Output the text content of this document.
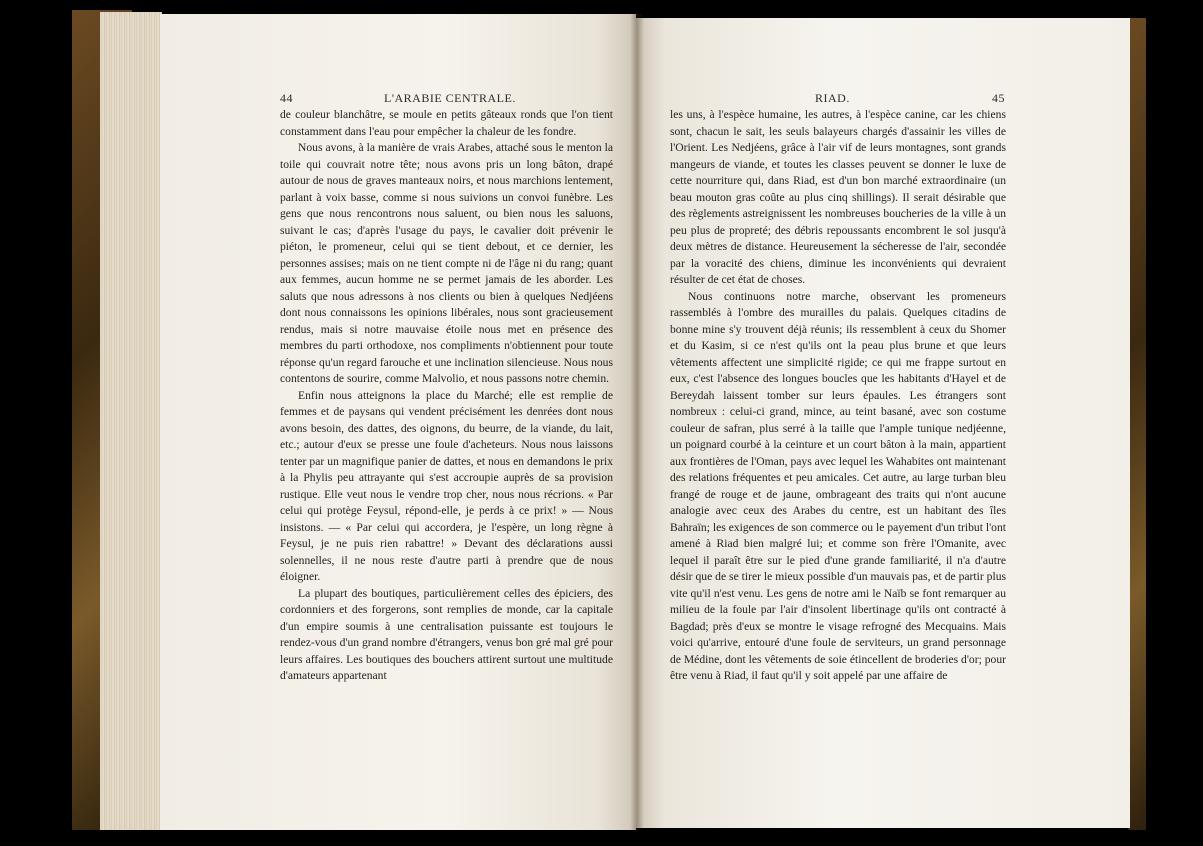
44	L'ARABIE CENTRALE.

de couleur blanchâtre, se moule en petits gâteaux ronds que l'on tient constamment dans l'eau pour empêcher la chaleur de les fondre.

Nous avons, à la manière de vrais Arabes, attaché sous le menton la toile qui couvrait notre tête; nous avons pris un long bâton, drapé autour de nous de graves manteaux noirs, et nous marchions lentement, parlant à voix basse, comme si nous suivions un convoi funèbre. Les gens que nous rencontrons nous saluent, ou bien nous les saluons, suivant le cas; d'après l'usage du pays, le cavalier doit prévenir le piéton, le promeneur, celui qui se tient debout, et ce dernier, les personnes assises; mais on ne tient compte ni de l'âge ni du rang; quant aux femmes, aucun homme ne se permet jamais de les aborder. Les saluts que nous adressons à nos clients ou bien à quelques Nedjéens dont nous connaissons les opinions libérales, nous sont gracieusement rendus, mais si notre mauvaise étoile nous met en présence des membres du parti orthodoxe, nos compliments n'obtiennent pour toute réponse qu'un regard farouche et une inclination silencieuse. Nous nous contentons de sourire, comme Malvolio, et nous passons notre chemin.

Enfin nous atteignons la place du Marché; elle est remplie de femmes et de paysans qui vendent précisément les denrées dont nous avons besoin, des dattes, des oignons, du beurre, de la viande, du lait, etc.; autour d'eux se presse une foule d'acheteurs. Nous nous laissons tenter par un magnifique panier de dattes, et nous en demandons le prix à la Phylis peu attrayante qui s'est accroupie auprès de sa provision rustique. Elle veut nous le vendre trop cher, nous nous récrions. « Par celui qui protège Feysul, répond-elle, je perds à ce prix! » — Nous insistons. — « Par celui qui accordera, je l'espère, un long règne à Feysul, je ne puis rien rabattre! » Devant des déclarations aussi solennelles, il ne nous reste d'autre parti à prendre que de nous éloigner.

La plupart des boutiques, particulièrement celles des épiciers, des cordonniers et des forgerons, sont remplies de monde, car la capitale d'un empire soumis à une centralisation puissante est toujours le rendez-vous d'un grand nombre d'étrangers, venus bon gré mal gré pour leurs affaires. Les boutiques des bouchers attirent surtout une multitude d'amateurs appartenant

RIAD.	45

les uns, à l'espèce humaine, les autres, à l'espèce canine, car les chiens sont, chacun le sait, les seuls balayeurs chargés d'assainir les villes de l'Orient. Les Nedjéens, grâce à l'air vif de leurs montagnes, sont grands mangeurs de viande, et toutes les classes peuvent se donner le luxe de cette nourriture qui, dans Riad, est d'un bon marché extraordinaire (un beau mouton gras coûte au plus cinq shillings). Il serait désirable que des règlements astreignissent les nombreuses boucheries de la ville à un peu plus de propreté; des débris repoussants encombrent le sol jusqu'à deux mètres de distance. Heureusement la sécheresse de l'air, secondée par la voracité des chiens, diminue les inconvénients qui devraient résulter de cet état de choses.

Nous continuons notre marche, observant les promeneurs rassemblés à l'ombre des murailles du palais. Quelques citadins de bonne mine s'y trouvent déjà réunis; ils ressemblent à ceux du Shomer et du Kasim, si ce n'est qu'ils ont la peau plus brune et que leurs vêtements affectent une simplicité rigide; ce qui me frappe surtout en eux, c'est l'absence des longues boucles que les habitants d'Hayel et de Bereydah laissent tomber sur leurs épaules. Les étrangers sont nombreux : celui-ci grand, mince, au teint basané, avec son costume couleur de safran, plus serré à la taille que l'ample tunique nedjéenne, un poignard courbé à la ceinture et un court bâton à la main, appartient aux frontières de l'Oman, pays avec lequel les Wahabites ont maintenant des relations fréquentes et peu amicales. Cet autre, au large turban bleu frangé de rouge et de jaune, ombrageant des traits qui n'ont aucune analogie avec ceux des Arabes du centre, est un habitant des îles Bahraïn; les exigences de son commerce ou le payement d'un tribut l'ont amené à Riad bien malgré lui; et comme son frère l'Omanite, avec lequel il paraît être sur le pied d'une grande familiarité, il n'a d'autre désir que de se tirer le mieux possible d'un mauvais pas, et de partir plus vite qu'il n'est venu. Les gens de notre ami le Naïb se font remarquer au milieu de la foule par l'air d'insolent libertinage qu'ils ont contracté à Bagdad; près d'eux se montre le visage refrogné des Mecquains. Mais voici qu'arrive, entouré d'une foule de serviteurs, un grand personnage de Médine, dont les vêtements de soie étincellent de broderies d'or; pour être venu à Riad, il faut qu'il y soit appelé par une affaire de
